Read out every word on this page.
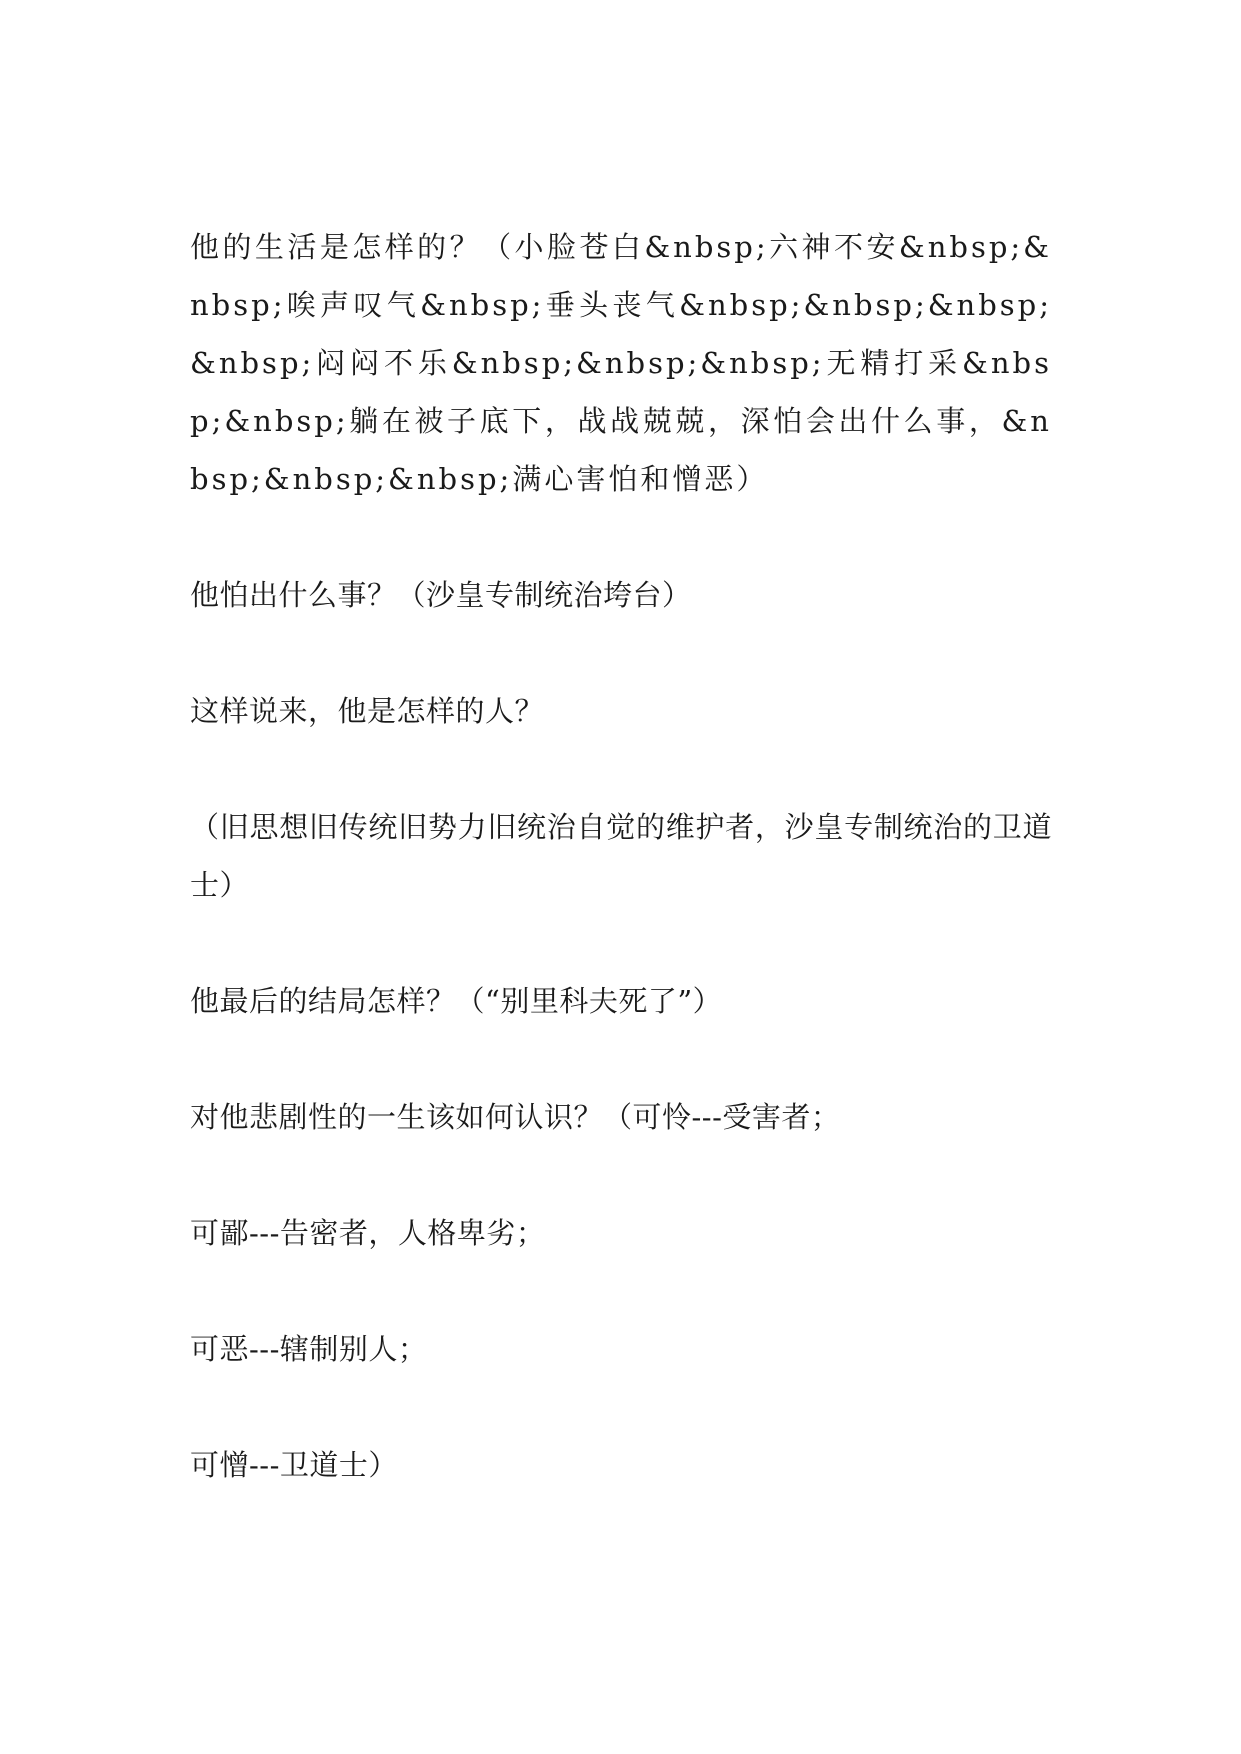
他的生活是怎样的？（小脸苍白&nbsp;六神不安&nbsp;&nbsp;唉声叹气&nbsp;垂头丧气&nbsp;&nbsp;&nbsp;&nbsp;闷闷不乐&nbsp;&nbsp;&nbsp;无精打采&nbsp;&nbsp;躺在被子底下，战战兢兢，深怕会出什么事，&nbsp;&nbsp;&nbsp;满心害怕和憎恶）

他怕出什么事？（沙皇专制统治垮台）

这样说来，他是怎样的人？

（旧思想旧传统旧势力旧统治自觉的维护者，沙皇专制统治的卫道士）

他最后的结局怎样？（“别里科夫死了”）

对他悲剧性的一生该如何认识？（可怜---受害者；

可鄙---告密者，人格卑劣；

可恶---辖制别人；

可憎---卫道士）
